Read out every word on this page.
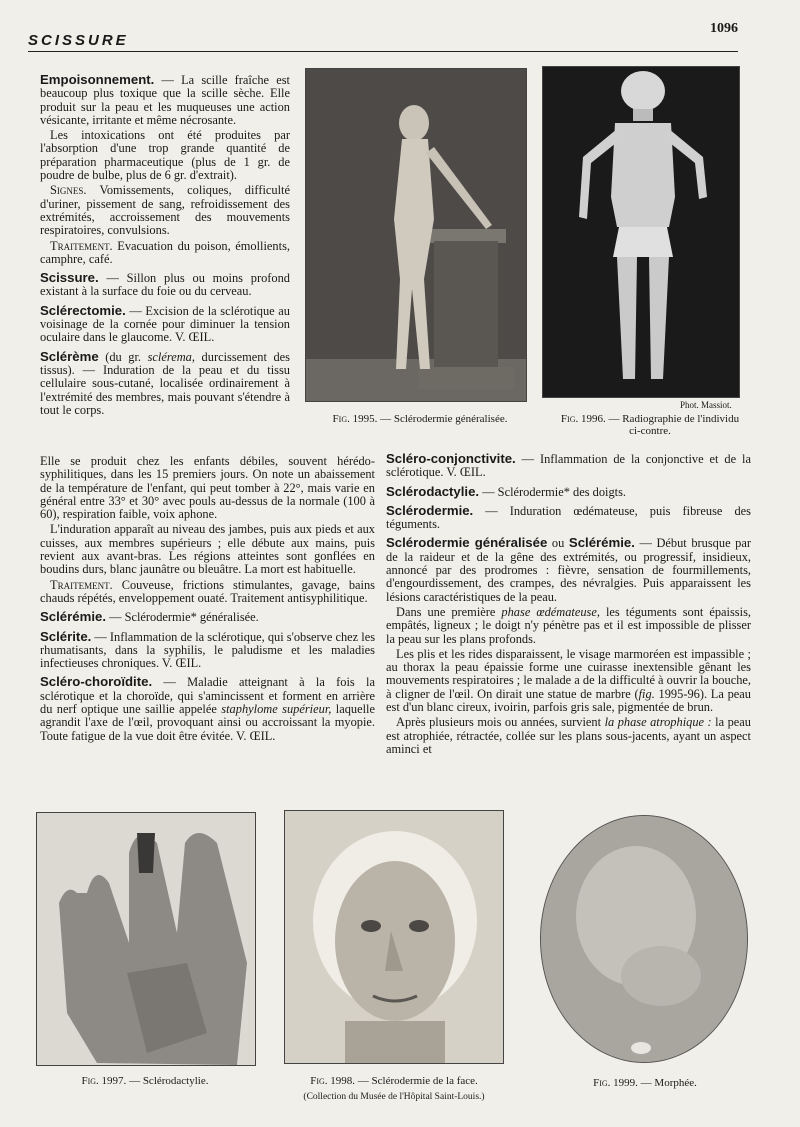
SCISSURE
1096

Empoisonnement. — La scille fraîche est beaucoup plus toxique que la scille sèche. Elle produit sur la peau et les muqueuses une action vésicante, irritante et même nécrosante.

Les intoxications ont été produites par l'absorption d'une trop grande quantité de préparation pharmaceutique (plus de 1 gr. de poudre de bulbe, plus de 6 gr. d'extrait).

Signes. Vomissements, coliques, difficulté d'uriner, pissement de sang, refroidissement des extrémités, accroissement des mouvements respiratoires, convulsions.

Traitement. Evacuation du poison, émollients, camphre, café.

Scissure. — Sillon plus ou moins profond existant à la surface du foie ou du cerveau.

Sclérectomie. — Excision de la sclérotique au voisinage de la cornée pour diminuer la tension oculaire dans le glaucome. V. ŒIL.

Sclérème (du gr. sclérema, durcissement des tissus). — Induration de la peau et du tissu cellulaire sous-cutané, localisée ordinairement à l'extrémité des membres, mais pouvant s'étendre à tout le corps.

Elle se produit chez les enfants débiles, souvent hérédo-syphilitiques, dans les 15 premiers jours. On note un abaissement de la température de l'enfant, qui peut tomber à 22°, mais varie en général entre 33° et 30° avec pouls au-dessus de la normale (100 à 60), respiration faible, voix aphone.

L'induration apparaît au niveau des jambes, puis aux pieds et aux cuisses, aux membres supérieurs ; elle débute aux mains, puis revient aux avant-bras. Les régions atteintes sont gonflées en boudins durs, blanc jaunâtre ou bleuâtre. La mort est habituelle.

Traitement. Couveuse, frictions stimulantes, gavage, bains chauds répétés, enveloppement ouaté. Traitement antisyphilitique.

Sclérémie. — Sclérodermie* généralisée.

Sclérite. — Inflammation de la sclérotique, qui s'observe chez les rhumatisants, dans la syphilis, le paludisme et les maladies infectieuses chroniques. V. ŒIL.

Scléro-choroïdite. — Maladie atteignant à la fois la sclérotique et la choroïde, qui s'amincissent et forment en arrière du nerf optique une saillie appelée staphylome supérieur, laquelle agrandit l'axe de l'œil, provoquant ainsi ou accroissant la myopie. Toute fatigue de la vue doit être évitée. V. ŒIL.

Scléro-conjonctivite. — Inflammation de la conjonctive et de la sclérotique. V. ŒIL.

Sclérodactylie. — Sclérodermie* des doigts.

Sclérodermie. — Induration œdémateuse, puis fibreuse des téguments.

Sclérodermie généralisée ou Sclérémie. — Début brusque par de la raideur et de la gêne des extrémités, ou progressif, insidieux, annoncé par des prodromes : fièvre, sensation de fourmillements, d'engourdissement, des crampes, des névralgies. Puis apparaissent les lésions caractéristiques de la peau.

Dans une première phase œdémateuse, les téguments sont épaissis, empâtés, ligneux ; le doigt n'y pénètre pas et il est impossible de plisser la peau sur les plans profonds.

Les plis et les rides disparaissent, le visage marmoréen est impassible ; au thorax la peau épaissie forme une cuirasse inextensible gênant les mouvements respiratoires ; le malade a de la difficulté à ouvrir la bouche, à cligner de l'œil. On dirait une statue de marbre (fig. 1995-96). La peau est d'un blanc cireux, ivoirin, parfois gris sale, pigmentée de brun.

Après plusieurs mois ou années, survient la phase atrophique : la peau est atrophiée, rétractée, collée sur les plans sous-jacents, ayant un aspect aminci et

Fig. 1995. — Sclérodermie généralisée.
Phot. Massiot.
Fig. 1996. — Radiographie de l'individu ci-contre.
Fig. 1997. — Sclérodactylie.	Fig. 1998. — Sclérodermie de la face.
(Collection du Musée de l'Hôpital Saint-Louis.)
Fig. 1999. — Morphée.
